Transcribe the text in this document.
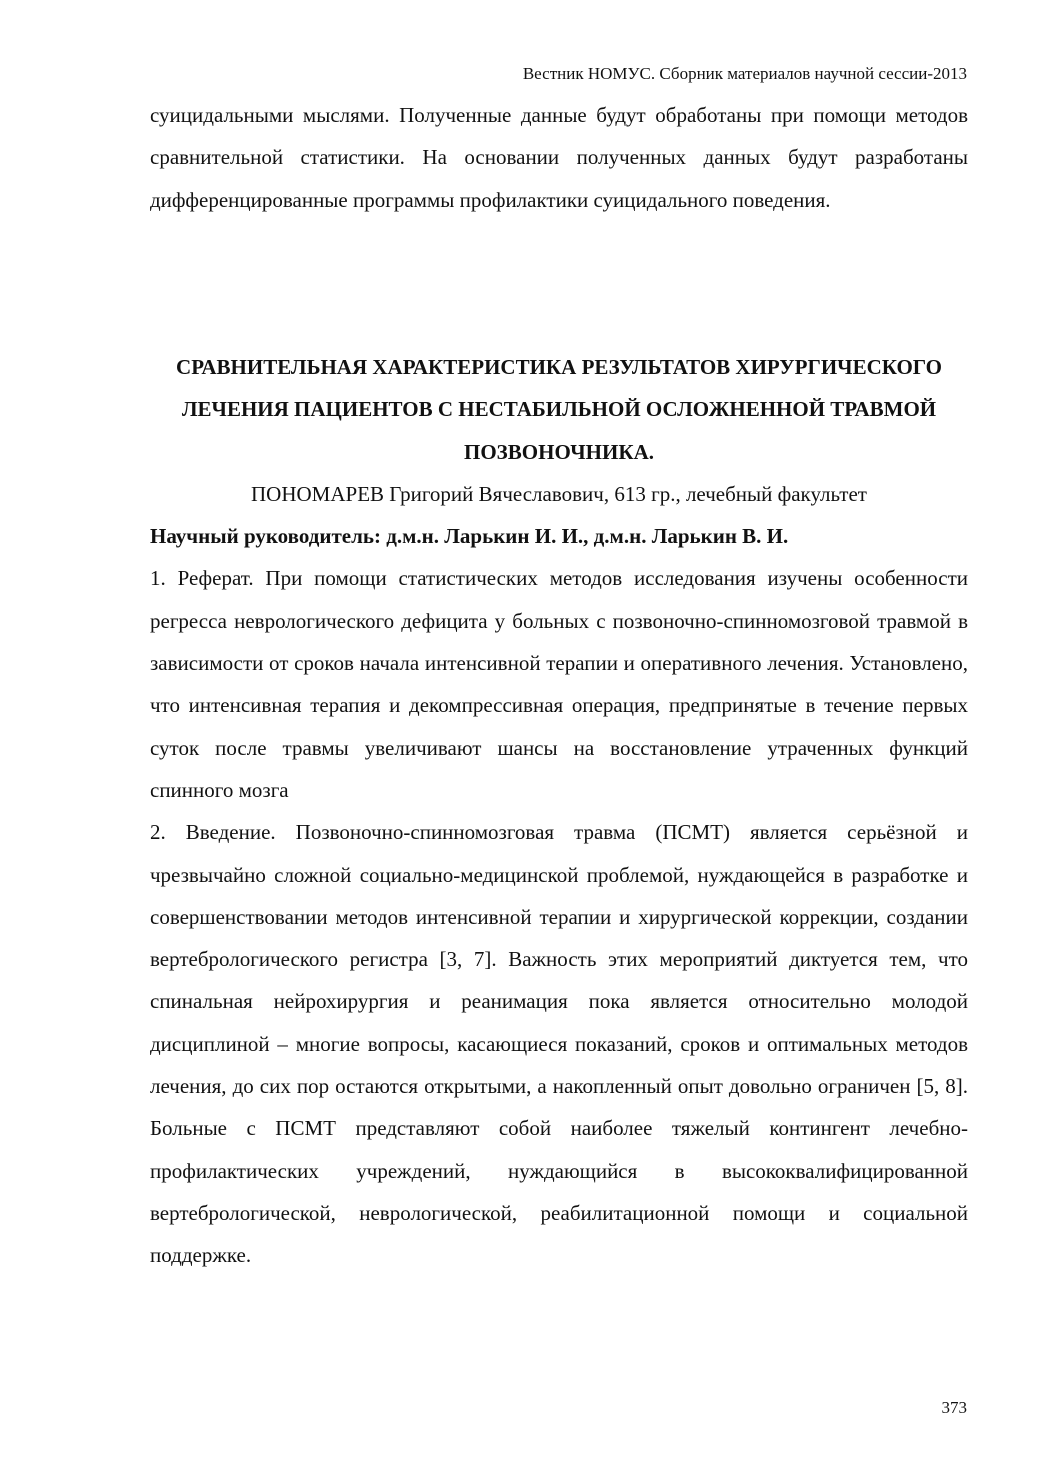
Вестник НОМУС. Сборник материалов научной сессии-2013

суицидальными мыслями. Полученные данные будут обработаны при помощи методов сравнительной статистики. На основании полученных данных будут разработаны дифференцированные программы профилактики суицидального поведения.

СРАВНИТЕЛЬНАЯ ХАРАКТЕРИСТИКА РЕЗУЛЬТАТОВ ХИРУРГИЧЕСКОГО ЛЕЧЕНИЯ ПАЦИЕНТОВ С НЕСТАБИЛЬНОЙ ОСЛОЖНЕННОЙ ТРАВМОЙ ПОЗВОНОЧНИКА.

ПОНОМАРЕВ Григорий Вячеславович, 613 гр., лечебный факультет

Научный руководитель: д.м.н. Ларькин И. И., д.м.н. Ларькин В. И.

1. Реферат. При помощи статистических методов исследования изучены особенности регресса неврологического дефицита у больных с позвоночно-спинномозговой травмой в зависимости от сроков начала интенсивной терапии и оперативного лечения. Установлено, что интенсивная терапия и декомпрессивная операция, предпринятые в течение первых суток после травмы увеличивают шансы на восстановление утраченных функций спинного мозга

2. Введение. Позвоночно-спинномозговая травма (ПСМТ) является серьёзной и чрезвычайно сложной социально-медицинской проблемой, нуждающейся в разработке и совершенствовании методов интенсивной терапии и хирургической коррекции, создании вертебрологического регистра [3, 7]. Важность этих мероприятий диктуется тем, что спинальная нейрохирургия и реанимация пока является относительно молодой дисциплиной – многие вопросы, касающиеся показаний, сроков и оптимальных методов лечения, до сих пор остаются открытыми, а накопленный опыт довольно ограничен [5, 8]. Больные с ПСМТ представляют собой наиболее тяжелый контингент лечебно-профилактических учреждений, нуждающийся в высококвалифицированной вертебрологической, неврологической, реабилитационной помощи и социальной поддержке.

373
